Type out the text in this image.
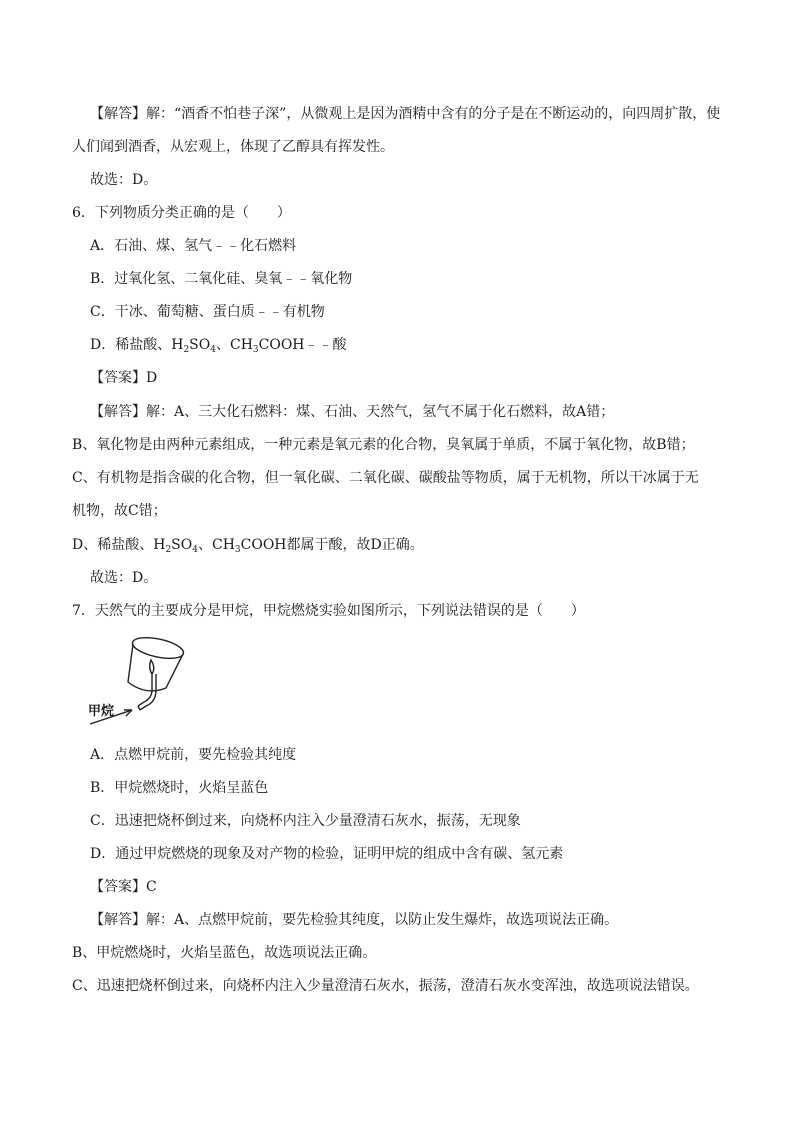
【解答】解：“酒香不怕巷子深”，从微观上是因为酒精中含有的分子是在不断运动的，向四周扩散，使
人们闻到酒香，从宏观上，体现了乙醇具有挥发性。
故选：D。
6．下列物质分类正确的是（　　）
A．石油、煤、氢气﹣﹣化石燃料
B．过氧化氢、二氧化硅、臭氧﹣﹣氧化物
C．干冰、葡萄糖、蛋白质﹣﹣有机物
D．稀盐酸、$H_2SO_4$、$CH_3COOH﹣﹣$酸
【答案】D
【解答】解：A、三大化石燃料：煤、石油、天然气，氢气不属于化石燃料，故A错；
B、氧化物是由两种元素组成，一种元素是氧元素的化合物，臭氧属于单质，不属于氧化物，故B错；
C、有机物是指含碳的化合物，但一氧化碳、二氧化碳、碳酸盐等物质，属于无机物，所以干冰属于无
机物，故C错；
D、稀盐酸、$H_2SO_4$、$CH_3COOH$都属于酸，故D正确。
故选：D。
7．天然气的主要成分是甲烷，甲烷燃烧实验如图所示，下列说法错误的是（　　）
甲烷
A．点燃甲烷前，要先检验其纯度
B．甲烷燃烧时，火焰呈蓝色
C．迅速把烧杯倒过来，向烧杯内注入少量澄清石灰水，振荡，无现象
D．通过甲烷燃烧的现象及对产物的检验，证明甲烷的组成中含有碳、氢元素
【答案】C
【解答】解：A、点燃甲烷前，要先检验其纯度，以防止发生爆炸，故选项说法正确。
B、甲烷燃烧时，火焰呈蓝色，故选项说法正确。
C、迅速把烧杯倒过来，向烧杯内注入少量澄清石灰水，振荡，澄清石灰水变浑浊，故选项说法错误。
